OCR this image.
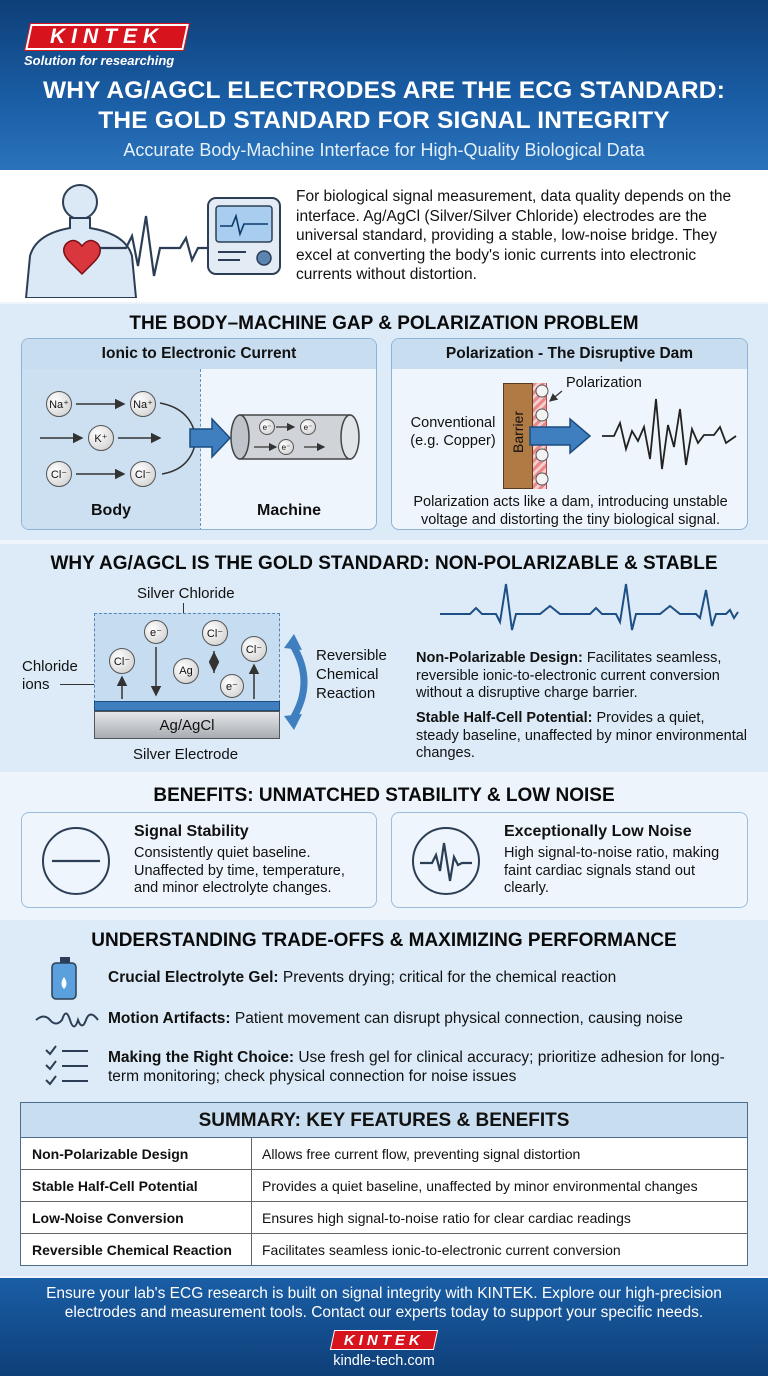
KINTEK
Solution for researching
WHY AG/AGCL ELECTRODES ARE THE ECG STANDARD:
THE GOLD STANDARD FOR SIGNAL INTEGRITY
Accurate Body-Machine Interface for High-Quality Biological Data
For biological signal measurement, data quality depends on the interface. Ag/AgCl (Silver/Silver Chloride) electrodes are the universal standard, providing a stable, low-noise bridge. They excel at converting the body's ionic currents into electronic currents without distortion.
THE BODY–MACHINE GAP & POLARIZATION PROBLEM
Ionic to Electronic Current
Na⁺	Na⁺
K⁺
Cl⁻	Cl⁻
e⁻	e⁻
e⁻
Body	Machine
Polarization - The Disruptive Dam
Conventional (e.g. Copper)	Barrier
Polarization
Polarization acts like a dam, introducing unstable voltage and distorting the tiny biological signal.
WHY AG/AGCL IS THE GOLD STANDARD: NON-POLARIZABLE & STABLE
Silver Chloride
Ag/AgCl
Silver Electrode
Chloride
ions
e⁻
Cl⁻
Cl⁻
Ag
Cl⁻
e⁻
Reversible Chemical Reaction
Non-Polarizable Design: Facilitates seamless, reversible ionic-to-electronic current conversion without a disruptive charge barrier.
Stable Half-Cell Potential: Provides a quiet, steady baseline, unaffected by minor environmental changes.
BENEFITS: UNMATCHED STABILITY & LOW NOISE
Signal Stability
Consistently quiet baseline. Unaffected by time, temperature, and minor electrolyte changes.
Exceptionally Low Noise
High signal-to-noise ratio, making faint cardiac signals stand out clearly.
UNDERSTANDING TRADE-OFFS & MAXIMIZING PERFORMANCE
Crucial Electrolyte Gel: Prevents drying; critical for the chemical reaction
Motion Artifacts: Patient movement can disrupt physical connection, causing noise
Making the Right Choice: Use fresh gel for clinical accuracy; prioritize adhesion for long-term monitoring; check physical connection for noise issues
SUMMARY: KEY FEATURES & BENEFITS
Non-Polarizable Design	Allows free current flow, preventing signal distortion
Stable Half-Cell Potential	Provides a quiet baseline, unaffected by minor environmental changes
Low-Noise Conversion	Ensures high signal-to-noise ratio for clear cardiac readings
Reversible Chemical Reaction	Facilitates seamless ionic-to-electronic current conversion
Ensure your lab's ECG research is built on signal integrity with KINTEK. Explore our high-precision electrodes and measurement tools. Contact our experts today to support your specific needs.
KINTEK
kindle-tech.com
